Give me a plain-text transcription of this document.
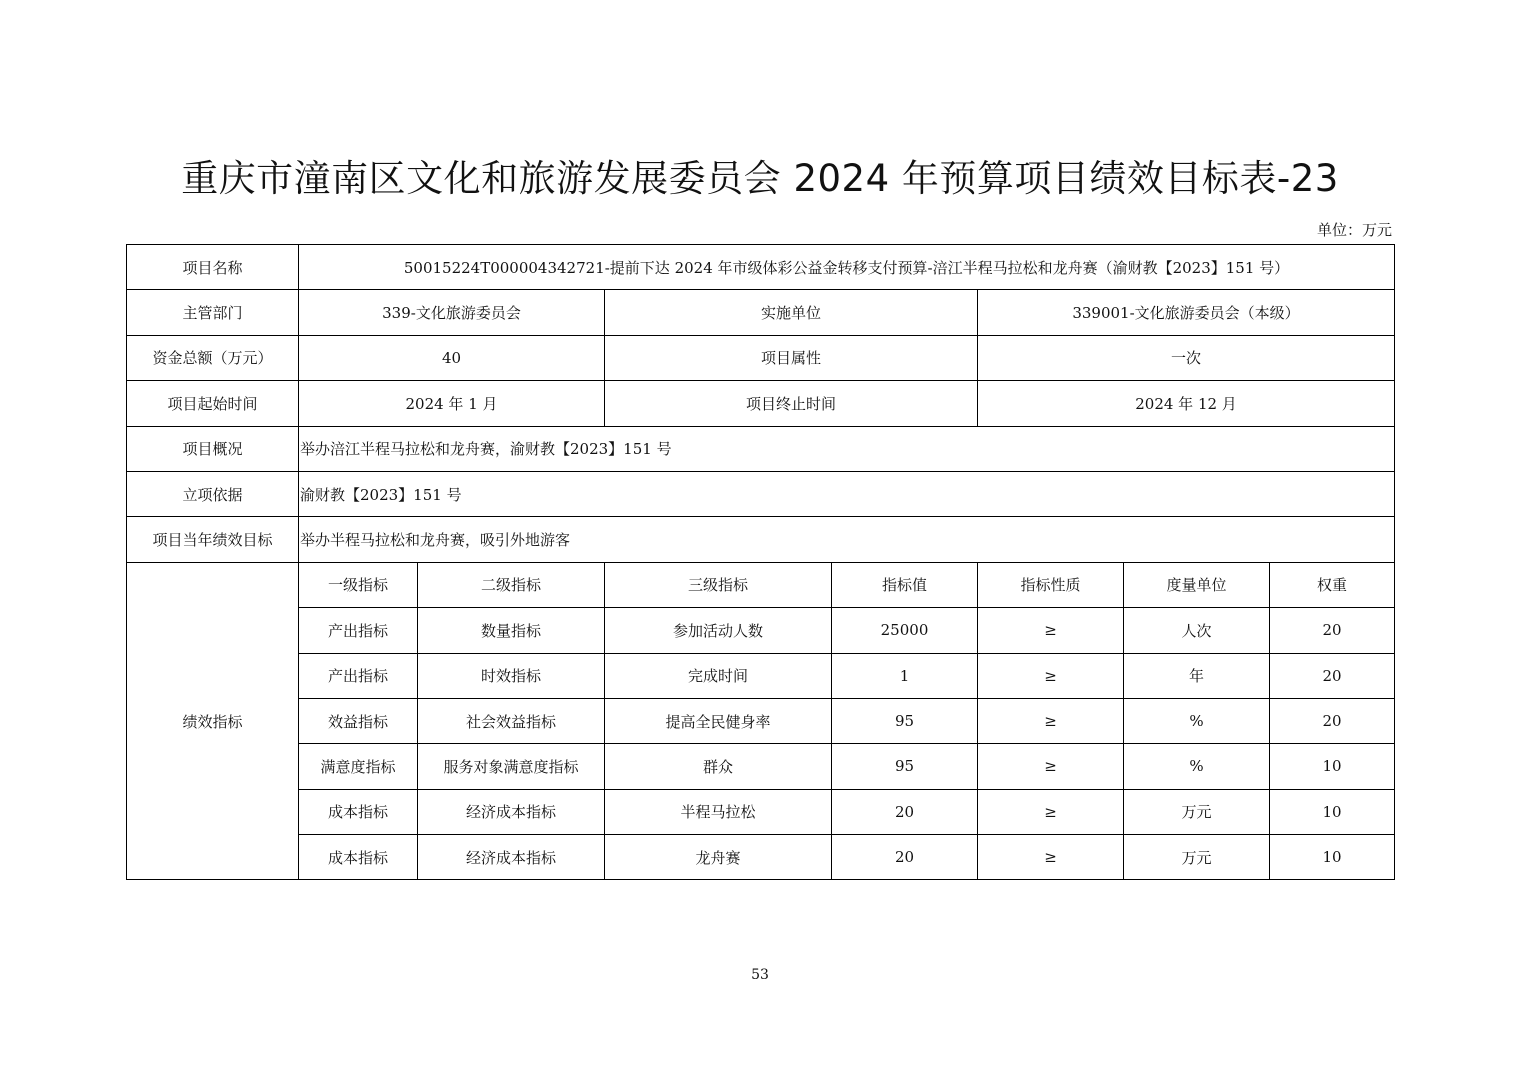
重庆市潼南区文化和旅游发展委员会 2024 年预算项目绩效目标表-23
单位：万元
项目名称	50015224T000004342721-提前下达 2024 年市级体彩公益金转移支付预算-涪江半程马拉松和龙舟赛（渝财教【2023】151 号）						
主管部门	339-文化旅游委员会		实施单位		339001-文化旅游委员会（本级）		
资金总额（万元）	40		项目属性		一次		
项目起始时间	2024 年 1 月		项目终止时间		2024 年 12 月		
项目概况	举办涪江半程马拉松和龙舟赛，渝财教【2023】151 号						
立项依据	渝财教【2023】151 号						
项目当年绩效目标	举办半程马拉松和龙舟赛，吸引外地游客						
绩效指标	一级指标	二级指标	三级指标	指标值	指标性质	度量单位	权重
	产出指标	数量指标	参加活动人数	25000	≥	人次	20
	产出指标	时效指标	完成时间	1	≥	年	20
	效益指标	社会效益指标	提高全民健身率	95	≥	%	20
	满意度指标	服务对象满意度指标	群众	95	≥	%	10
	成本指标	经济成本指标	半程马拉松	20	≥	万元	10
	成本指标	经济成本指标	龙舟赛	20	≥	万元	10
53
